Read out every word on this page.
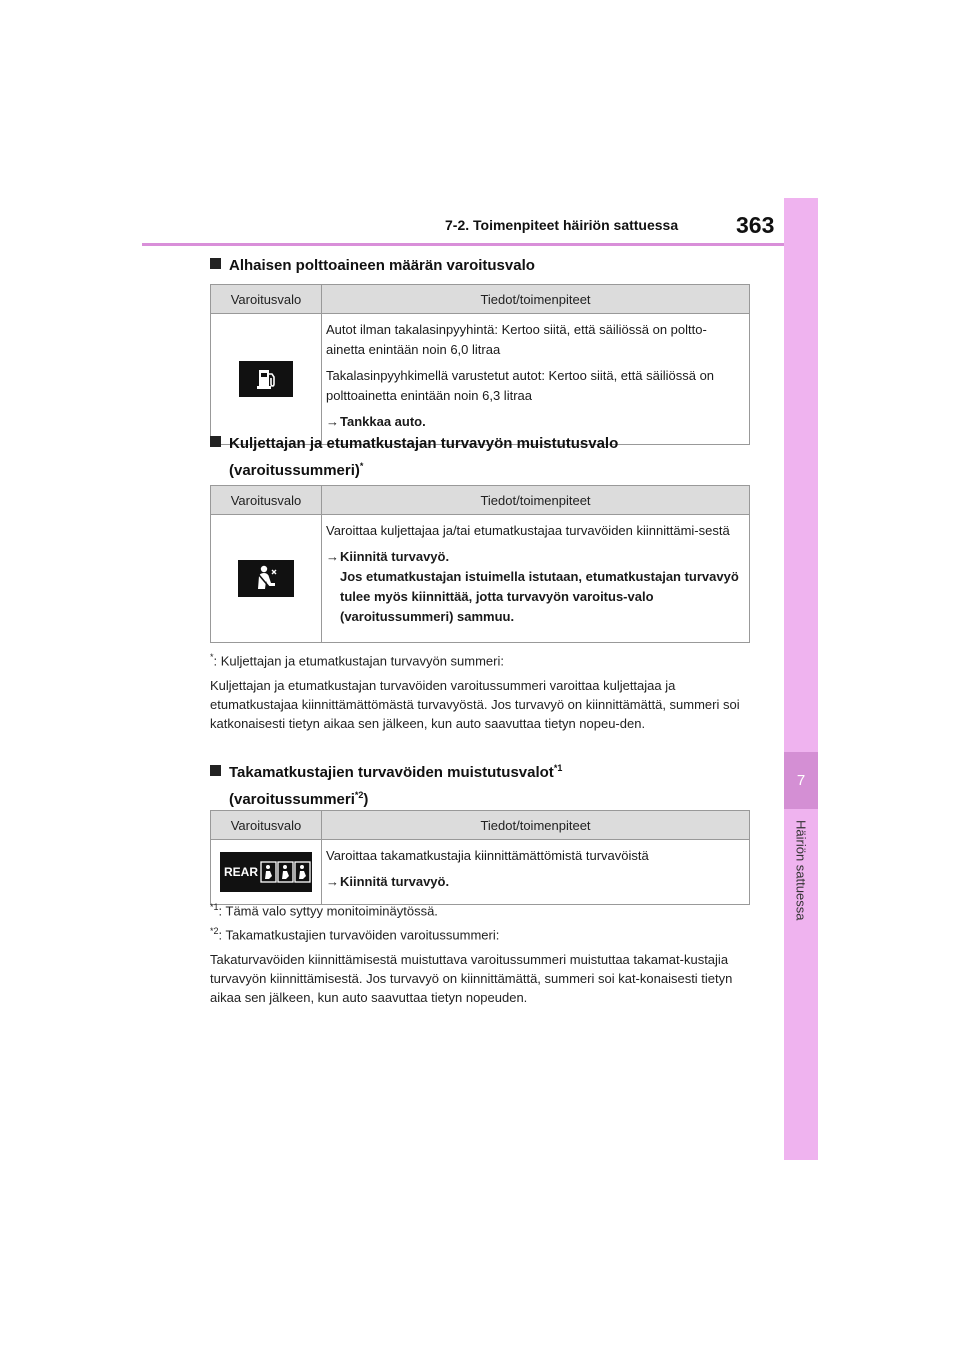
7-2. Toimenpiteet häiriön sattuessa	363
7
Häiriön sattuessa
Alhaisen polttoaineen määrän varoitusvalo
Varoitusvalo	Tiedot/toimenpiteet

Autot ilman takalasinpyyhintä: Kertoo siitä, että säiliössä on poltto-ainetta enintään noin 6,0 litraa
Takalasinpyyhkimellä varustetut autot: Kertoo siitä, että säiliössä on polttoainetta enintään noin 6,3 litraa
→Tankkaa auto.
Kuljettajan ja etumatkustajan turvavyön muistutusvalo
(varoitussummeri)*
Varoitusvalo	Tiedot/toimenpiteet

Varoittaa kuljettajaa ja/tai etumatkustajaa turvavöiden kiinnittämi-sestä
→Kiinnitä turvavyö.
Jos etumatkustajan istuimella istutaan, etumatkustajan turvavyö tulee myös kiinnittää, jotta turvavyön varoitus-valo (varoitussummeri) sammuu.
*: Kuljettajan ja etumatkustajan turvavyön summeri:
Kuljettajan ja etumatkustajan turvavöiden varoitussummeri varoittaa kuljettajaa ja etumatkustajaa kiinnittämättömästä turvavyöstä. Jos turvavyö on kiinnittämättä, summeri soi katkonaisesti tietyn aikaa sen jälkeen, kun auto saavuttaa tietyn nopeu-den.
Takamatkustajien turvavöiden muistutusvalot$^{*1}$
(varoitussummeri$^{*2}$)
Varoitusvalo	Tiedot/toimenpiteet

REAR	Varoittaa takamatkustajia kiinnittämättömistä turvavöistä
→Kiinnitä turvavyö.
$^{*1}$: Tämä valo syttyy monitoiminäytössä.
$^{*2}$: Takamatkustajien turvavöiden varoitussummeri:
Takaturvavöiden kiinnittämisestä muistuttava varoitussummeri muistuttaa takamat-kustajia turvavyön kiinnittämisestä. Jos turvavyö on kiinnittämättä, summeri soi kat-konaisesti tietyn aikaa sen jälkeen, kun auto saavuttaa tietyn nopeuden.
